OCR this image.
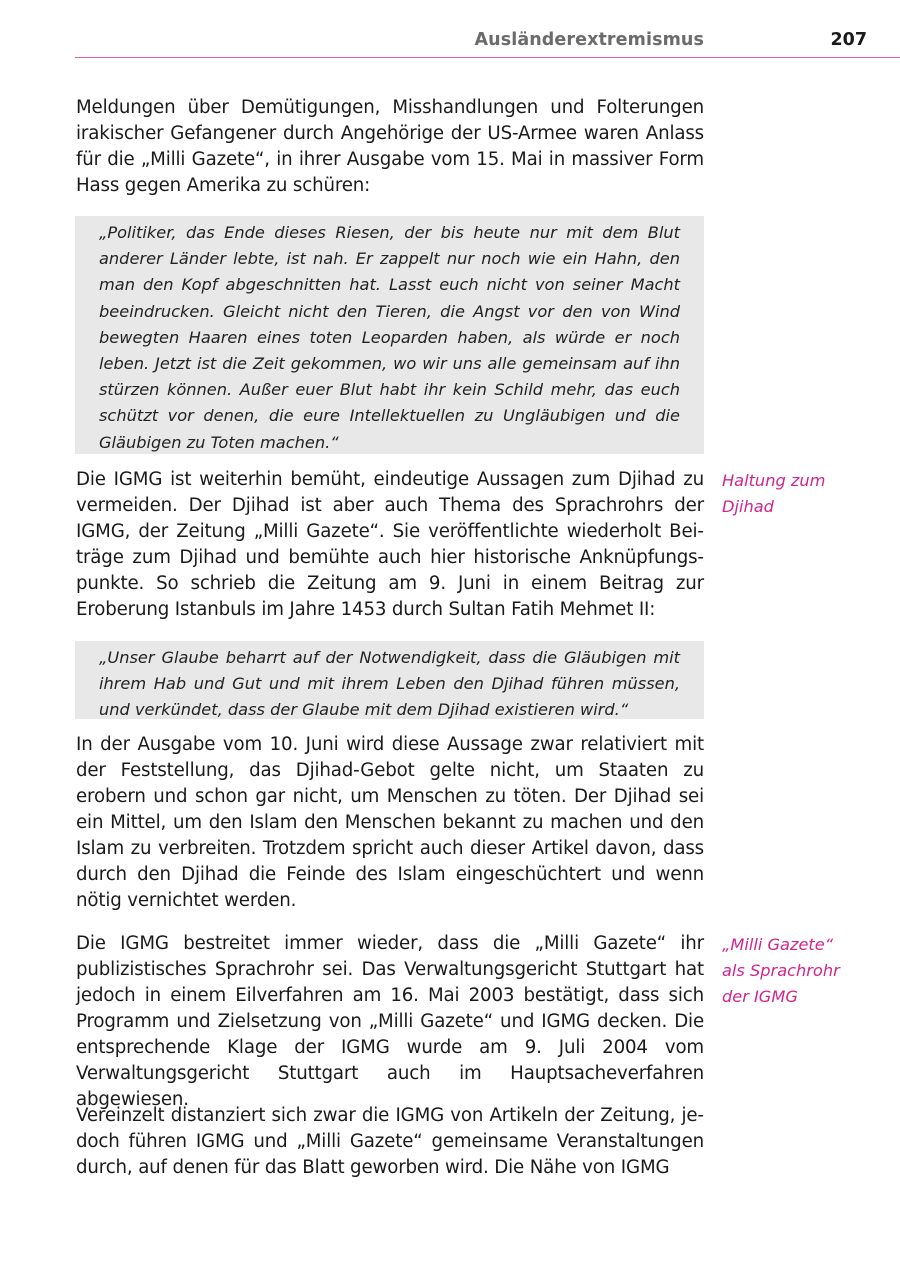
Ausländerextremismus	207
Meldungen über Demütigungen, Misshandlungen und Folterungen irakischer Gefangener durch Angehörige der US-Armee waren Anlass für die „Milli Gazete“, in ihrer Ausgabe vom 15. Mai in massiver Form Hass gegen Amerika zu schüren:
„Politiker, das Ende dieses Riesen, der bis heute nur mit dem Blut anderer Länder lebte, ist nah. Er zappelt nur noch wie ein Hahn, den man den Kopf abgeschnitten hat. Lasst euch nicht von seiner Macht beeindrucken. Gleicht nicht den Tieren, die Angst vor den von Wind bewegten Haaren eines toten Leoparden haben, als würde er noch leben. Jetzt ist die Zeit gekommen, wo wir uns alle gemeinsam auf ihn stürzen können. Außer euer Blut habt ihr kein Schild mehr, das euch schützt vor denen, die eure Intellektuellen zu Ungläubigen und die Gläubigen zu Toten machen.“
Die IGMG ist weiterhin bemüht, eindeutige Aussagen zum Djihad zu vermeiden. Der Djihad ist aber auch Thema des Sprachrohrs der IGMG, der Zeitung „Milli Gazete“. Sie veröffentlichte wiederholt Beiträge zum Djihad und bemühte auch hier historische Anknüpfungspunkte. So schrieb die Zeitung am 9. Juni in einem Beitrag zur Eroberung Istanbuls im Jahre 1453 durch Sultan Fatih Mehmet II:
„Unser Glaube beharrt auf der Notwendigkeit, dass die Gläubigen mit ihrem Hab und Gut und mit ihrem Leben den Djihad führen müssen, und verkündet, dass der Glaube mit dem Djihad existieren wird.“
In der Ausgabe vom 10. Juni wird diese Aussage zwar relativiert mit der Feststellung, das Djihad-Gebot gelte nicht, um Staaten zu erobern und schon gar nicht, um Menschen zu töten. Der Djihad sei ein Mittel, um den Islam den Menschen bekannt zu machen und den Islam zu verbreiten. Trotzdem spricht auch dieser Artikel davon, dass durch den Djihad die Feinde des Islam eingeschüchtert und wenn nötig vernichtet werden.
Die IGMG bestreitet immer wieder, dass die „Milli Gazete“ ihr publizistisches Sprachrohr sei. Das Verwaltungsgericht Stuttgart hat jedoch in einem Eilverfahren am 16. Mai 2003 bestätigt, dass sich Programm und Zielsetzung von „Milli Gazete“ und IGMG decken. Die entsprechende Klage der IGMG wurde am 9. Juli 2004 vom Verwaltungsgericht Stuttgart auch im Hauptsacheverfahren abgewiesen.
Vereinzelt distanziert sich zwar die IGMG von Artikeln der Zeitung, jedoch führen IGMG und „Milli Gazete“ gemeinsame Veranstaltungen durch, auf denen für das Blatt geworben wird. Die Nähe von IGMG
Haltung zum
Djihad
„Milli Gazete“
als Sprachrohr
der IGMG
